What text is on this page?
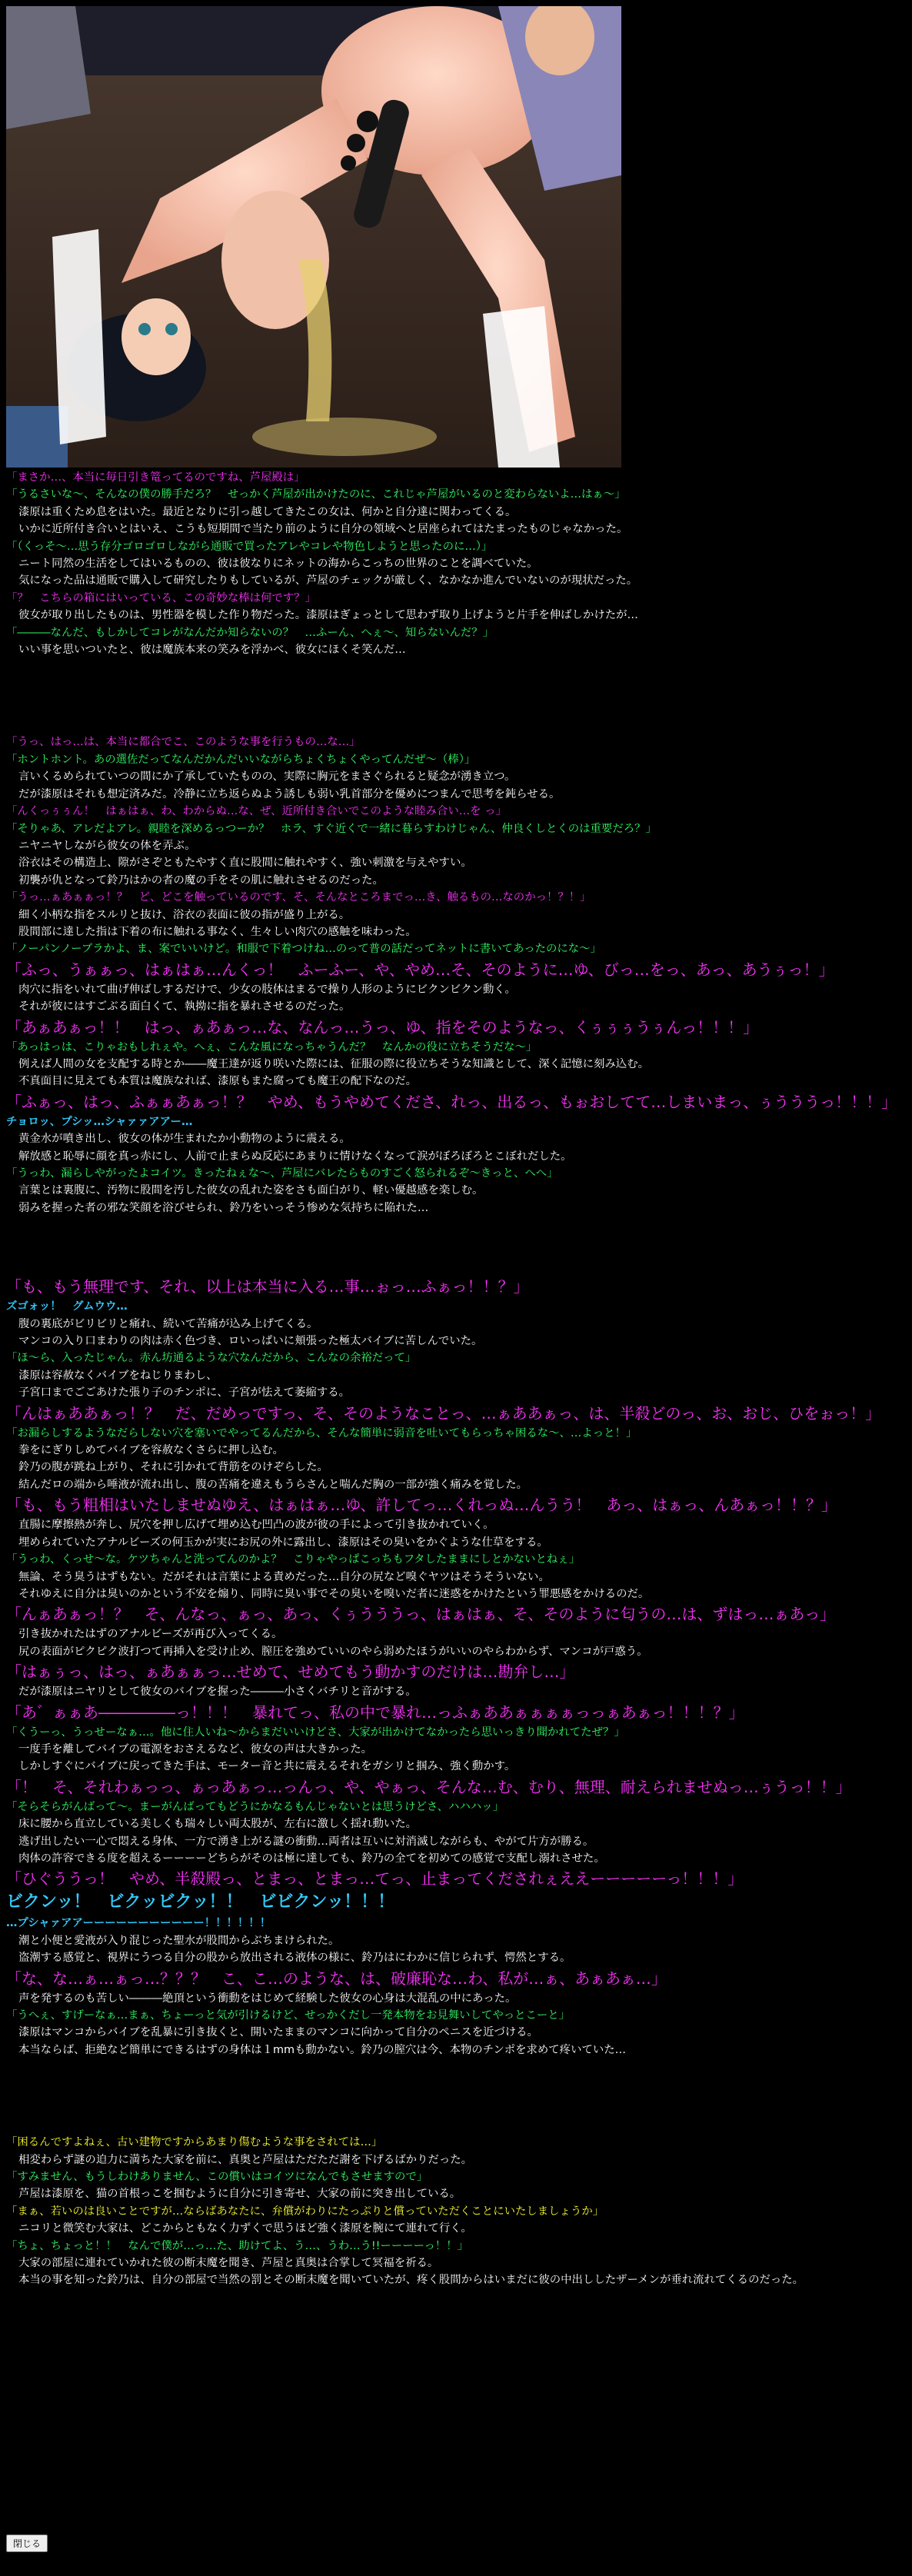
「まさか…、本当に毎日引き篭ってるのですね、芦屋殿は」

「うるさいな～、そんなの僕の勝手だろ？　せっかく芦屋が出かけたのに、これじゃ芦屋がいるのと変わらないよ…はぁ～」

漆原は重くため息をはいた。最近となりに引っ越してきたこの女は、何かと自分達に関わってくる。

いかに近所付き合いとはいえ、こうも短期間で当たり前のように自分の領域へと居座られてはたまったものじゃなかった。

「（くっそ～…思う存分ゴロゴロしながら通販で買ったアレやコレや物色しようと思ったのに…）」

ニート同然の生活をしてはいるものの、彼は彼なりにネットの海からこっちの世界のことを調べていた。

気になった品は通販で購入して研究したりもしているが、芦屋のチェックが厳しく、なかなか進んでいないのが現状だった。

「？　こちらの箱にはいっている、この奇妙な棒は何です？」

彼女が取り出したものは、男性器を模した作り物だった。漆原はぎょっとして思わず取り上げようと片手を伸ばしかけたが…

「―――なんだ、もしかしてコレがなんだか知らないの？　…ふーん、へぇ～、知らないんだ？」

いい事を思いついたと、彼は魔族本来の笑みを浮かべ、彼女にほくそ笑んだ…

「うっ、はっ…は、本当に都合でこ、このような事を行うもの…な…」

「ホントホント。あの選佐だってなんだかんだいいながらちょくちょくやってんだぜ～（棒）」

言いくるめられていつの間にか了承していたものの、実際に胸元をまさぐられると疑念が湧き立つ。

だが漆原はそれも想定済みだ。冷静に立ち返らぬよう誘しも弱い乳首部分を優めにつまんで思考を鈍らせる。

「んくっぅぅん！　はぁはぁ、わ、わからぬ…な、ぜ、近所付き合いでこのような睦み合い…を っ」

「そりゃあ、アレだよアレ。親睦を深めるっつーか？　ホラ、すぐ近くで一緒に暮らすわけじゃん、仲良くしとくのは重要だろ？」

ニヤニヤしながら彼女の体を弄ぶ。

浴衣はその構造上、隙がさぞともたやすく直に股間に触れやすく、強い刺激を与えやすい。

初襲が仇となって鈴乃はかの者の魔の手をその肌に触れさせるのだった。

「うっ…ぁあぁぁっ！？　ど、どこを触っているのです、そ、そんなところまでっ…き、触るもの…なのかっ！？！」

細く小柄な指をスルリと抜け、浴衣の表面に彼の指が盛り上がる。

股間部に達した指は下着の布に触れる事なく、生々しい肉穴の感触を味わった。

「ノーパンノーブラかよ、ま、案でいいけど。和服で下着つけね…のって普の話だってネットに書いてあったのにな～」

「ふっ、うぁぁっ、はぁはぁ…んくっ！　ふーふー、や、やめ…そ、そのように…ゆ、びっ…をっ、あっ、あうぅっ！」

肉穴に指をいれて曲げ伸ばしするだけで、少女の肢体はまるで操り人形のようにビクンビクン動く。

それが彼にはすごぶる面白くて、執拗に指を暴れさせるのだった。

「あぁあぁっ！！　はっ、ぁあぁっ…な、なんっ…うっ、ゆ、指をそのようなっ、くぅぅぅうぅんっ！！！」

「あっはっは、こりゃおもしれぇや。へぇ、こんな風になっちゃうんだ？　なんかの役に立ちそうだな～」

例えば人間の女を支配する時とか――魔王達が返り咲いた際には、征服の際に役立ちそうな知識として、深く記憶に刻み込む。

不真面目に見えても本質は魔族なれば、漆原もまた腐っても魔王の配下なのだ。

「ふぁっ、はっ、ふぁぁあぁっ！？　やめ、もうやめてくださ、れっ、出るっ、もぉおしてて…しまいまっ、ぅうううっ！！！」

チョロッ、プシッ…シャァァアアー…

黄金水が噴き出し、彼女の体が生まれたか小動物のように震える。

解放感と恥辱に顔を真っ赤にし、人前で止まらぬ反応にあまりに情けなくなって涙がぼろぼろとこぼれだした。

「うっわ、漏らしやがったよコイツ。きったねぇな～、芦屋にバレたらものすごく怒られるぞ～きっと、へへ」

言葉とは裏腹に、汚物に股間を汚した彼女の乱れた姿をさも面白がり、軽い優越感を楽しむ。

弱みを握った者の邪な笑顔を浴びせられ、鈴乃をいっそう惨めな気持ちに陥れた…

「も、もう無理です、それ、以上は本当に入る…事…ぉっ…ふぁっ！！？」

ズゴォッ！　グムウウ…

腹の裏底がビリビリと痛れ、続いて苦痛が込み上げてくる。

マンコの入り口まわりの肉は赤く色づき、ロいっぱいに頬張った極太バイブに苦しんでいた。

「ほ～ら、入ったじゃん。赤ん坊通るような穴なんだから、こんなの余裕だって」

漆原は容赦なくバイブをねじりまわし、

子宮口までごごあけた張り子のチンポに、子宮が怯えて萎縮する。

「んはぁああぁっ！？　だ、だめっですっ、そ、そのようなことっ、…ぁああぁっ、は、半殺どのっ、お、おじ、ひをぉっ！」

「お漏らしするようなだらしない穴を塞いでやってるんだから、そんな簡単に弱音を吐いてもらっちゃ困るな～、…よっと！」

拳をにぎりしめてバイブを容赦なくさらに押し込む。

鈴乃の腹が跳ね上がり、それに引かれて背筋をのけぞらした。

結んだロの端から唾液が流れ出し、腹の苦痛を違えもうらさんと喘んだ胸の一部が強く痛みを覚した。

「も、もう粗相はいたしませぬゆえ、はぁはぁ…ゆ、許してっ…くれっぬ…んうう！　あっ、はぁっ、んあぁっ！！？」

直腸に摩擦熱が奔し、尻穴を押し広げて埋め込む凹凸の波が彼の手によって引き抜かれていく。

埋められていたアナルビーズの何玉かが実にお尻の外に露出し、漆原はその臭いをかぐような仕草をする。

「うっわ、くっせ～な。ケツちゃんと洗ってんのかよ？　こりゃやっぱこっちもフタしたままにしとかないとねぇ」

無論、そう臭うはずもない。だがそれは言葉による責めだった…自分の尻など嗅ぐヤツはそうそういない。

それゆえに自分は臭いのかという不安を煽り、同時に臭い事でその臭いを嗅いだ者に迷惑をかけたという罪悪感をかけるのだ。

「んぁあぁっ！？　そ、んなっ、ぁっ、あっ、くぅうううっ、はぁはぁ、そ、そのように匂うの…は、ずはっ…ぁあっ」

引き抜かれたはずのアナルビーズが再び入ってくる。

尻の表面がピクピク波打つて再挿入を受け止め、膣圧を強めていいのやら弱めたほうがいいのやらわからず、マンコが戸惑う。

「はぁぅっ、はっ、ぁあぁぁっ…せめて、せめてもう動かすのだけは…勘弁し…」

だが漆原はニヤリとして彼女のバイブを握った―――小さくバチリと音がする。

「あ゛ぁぁあ―――――っ！！！　暴れてっ、私の中で暴れ…っふぁああぁぁぁぁっっぁあぁっ！！！？」

「くうーっ、うっせーなぁ…。他に住人いね～からまだいいけどさ、大家が出かけてなかったら思いっきり聞かれてたぜ？」

一度手を離してバイブの電源をおさえるなど、彼女の声は大きかった。

しかしすぐにバイブに戻ってきた手は、モーター音と共に震えるそれをガシリと掴み、強く動かす。

「！　そ、それわぁっっ、ぁっあぁっ…っんっ、や、やぁっ、そんな…む、むり、無理、耐えられませぬっ…ぅうっ！！」

「そらそらがんばって～。まーがんばってもどうにかなるもんじゃないとは思うけどさ、ハハハッ」

床に腰から直立している美しくも瑞々しい両太股が、左右に激しく揺れ動いた。

逃げ出したい一心で悶える身体、一方で湧き上がる謎の衝動…両者は互いに対消滅しながらも、やがて片方が勝る。

肉体の許容できる度を超えるーーーーどちらがそのは極に達しても、鈴乃の全てを初めての感覚で支配し溺れさせた。

「ひぐううっ！　やめ、半殺殿っ、とまっ、とまっ…てっ、止まってくだされぇええーーーーーっ！！！」

ビクンッ！　ビクッビクッ！！　ビビクンッ！！！

…プシャァアアーーーーーーーーーーー！！！！！！

潮と小便と愛液が入り混じった聖水が股間からぶちまけられた。

盗潮する感覚と、視界にうつる自分の股から放出される液体の様に、鈴乃はにわかに信じられず、愕然とする。

「な、な…ぁ…ぁっ…？？？　こ、こ…のような、は、破廉恥な…わ、私が…ぁ、あぁあぁ…」

声を発するのも苦しい―――絶頂という衝動をはじめて経験した彼女の心身は大混乱の中にあった。

「うへぇ、すげーなぁ…まぁ、ちょーっと気が引けるけど、せっかくだし一発本物をお見舞いしてやっとこーと」

漆原はマンコからバイブを乱暴に引き抜くと、開いたままのマンコに向かって自分のペニスを近づける。

本当ならば、拒絶など簡単にできるはずの身体は１mmも動かない。鈴乃の膣穴は今、本物のチンポを求めて疼いていた…

「困るんですよねぇ、古い建物ですからあまり傷むような事をされては…」

相変わらず謎の迫力に満ちた大家を前に、真奥と芦屋はただただ謝を下げるばかりだった。

「すみません、もうしわけありません、この償いはコイツになんでもさせますので」

芦屋は漆原を、猫の首根っこを掴むように自分に引き寄せ、大家の前に突き出している。

「まぁ、若いのは良いことですが…ならばあなたに、弁償がわりにたっぷりと償っていただくことにいたしましょうか」

ニコリと微笑む大家は、どこからともなく力ずくで思うほど強く漆原を腕にて連れて行く。

「ちょ、ちょっと！！　なんで僕が…っ…た、助けてよ、う…、うわ…う!!ーーーーっ！！」

大家の部屋に連れていかれた彼の断末魔を聞き、芦屋と真奥は合掌して冥福を祈る。

本当の事を知った鈴乃は、自分の部屋で当然の罰とその断末魔を聞いていたが、疼く股間からはいまだに彼の中出ししたザーメンが垂れ流れてくるのだった。

閉じる
